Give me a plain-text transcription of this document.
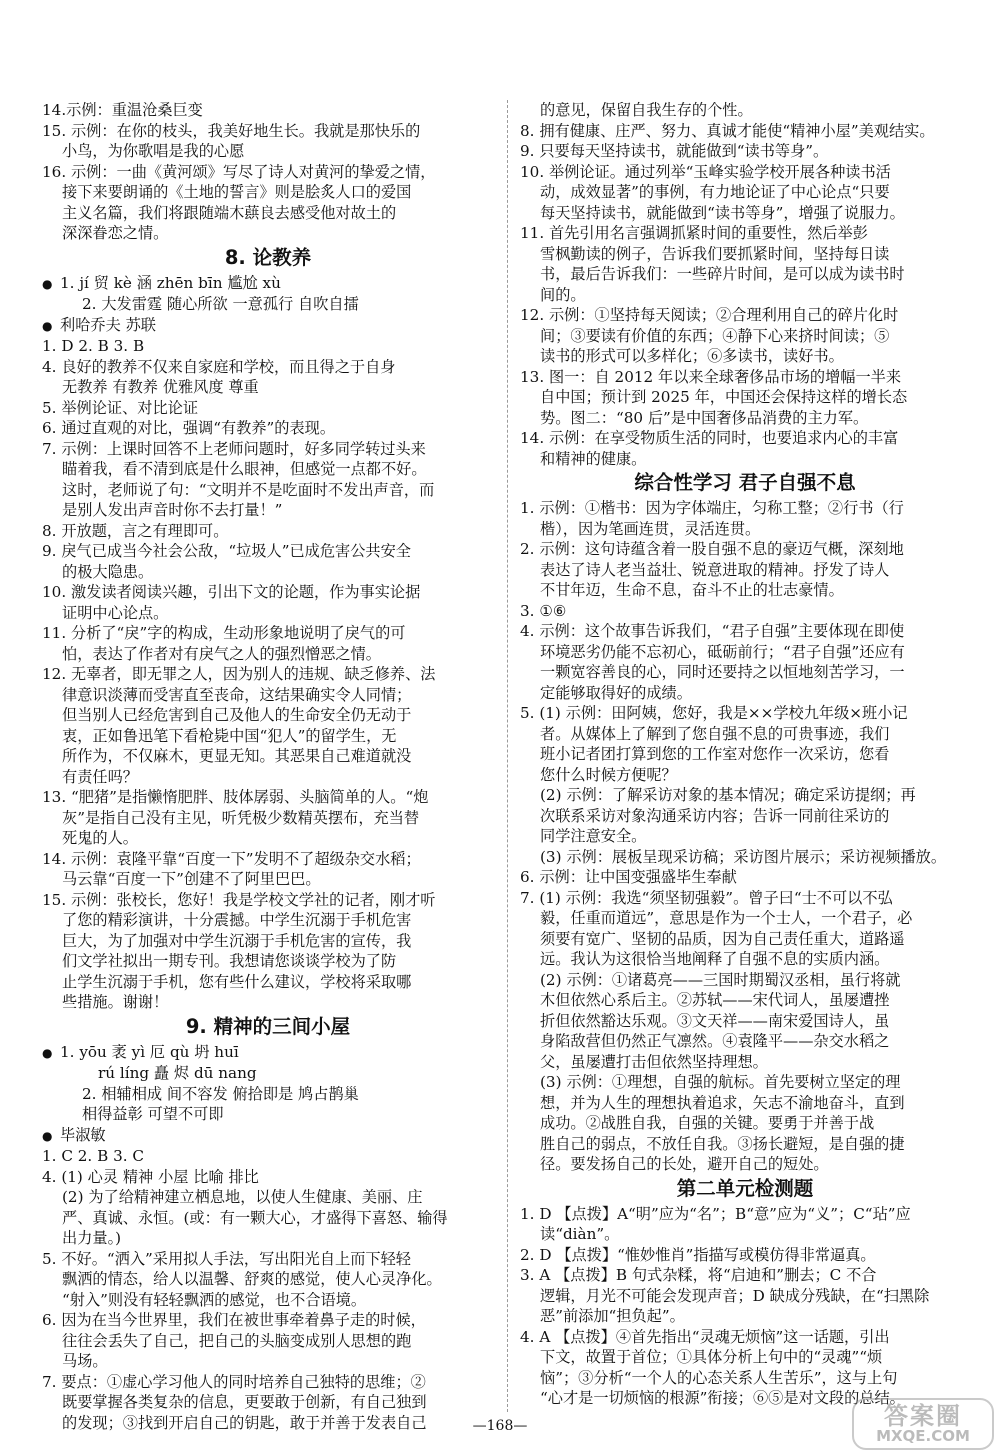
14.示例：重温沧桑巨变
15. 示例：在你的枝头，我美好地生长。我就是那快乐的
小鸟，为你歌唱是我的心愿
16. 示例：一曲《黄河颂》写尽了诗人对黄河的挚爱之情，
接下来要朗诵的《土地的誓言》则是脍炙人口的爱国
主义名篇，我们将跟随端木蕻良去感受他对故土的
深深眷恋之情。
8. 论教养
● 1. jí 贸 kè 涵 zhēn bīn 尴尬 xù
2. 大发雷霆 随心所欲 一意孤行 自吹自擂
● 利哈乔夫 苏联
1. D 2. B 3. B
4. 良好的教养不仅来自家庭和学校，而且得之于自身
无教养 有教养 优雅风度 尊重
5. 举例论证、对比论证
6. 通过直观的对比，强调“有教养”的表现。
7. 示例：上课时回答不上老师问题时，好多同学转过头来
瞄着我，看不清到底是什么眼神，但感觉一点都不好。
这时，老师说了句：“文明并不是吃面时不发出声音，而
是别人发出声音时你不去打量！”
8. 开放题，言之有理即可。
9. 戾气已成当今社会公敌，“垃圾人”已成危害公共安全
的极大隐患。
10. 激发读者阅读兴趣，引出下文的论题，作为事实论据
证明中心论点。
11. 分析了“戾”字的构成，生动形象地说明了戾气的可
怕，表达了作者对有戾气之人的强烈憎恶之情。
12. 无辜者，即无罪之人，因为别人的违规、缺乏修养、法
律意识淡薄而受害直至丧命，这结果确实令人同情；
但当别人已经危害到自己及他人的生命安全仍无动于
衷，正如鲁迅笔下看枪毙中国“犯人”的留学生，无
所作为，不仅麻木，更显无知。其恶果自己难道就没
有责任吗？
13. “肥猪”是指懒惰肥胖、肢体孱弱、头脑简单的人。“炮
灰”是指自己没有主见，听凭极少数精英摆布，充当替
死鬼的人。
14. 示例：袁隆平靠“百度一下”发明不了超级杂交水稻；
马云靠“百度一下”创建不了阿里巴巴。
15. 示例：张校长，您好！我是学校文学社的记者，刚才听
了您的精彩演讲，十分震撼。中学生沉溺于手机危害
巨大，为了加强对中学生沉溺于手机危害的宣传，我
们文学社拟出一期专刊。我想请您谈谈学校为了防
止学生沉溺于手机，您有些什么建议，学校将采取哪
些措施。谢谢！
9. 精神的三间小屋
● 1. yōu 袤 yì 厄 qù 坍 huī
rú líng 矗 烬 dū nang
2. 相辅相成 间不容发 俯拾即是 鸠占鹊巢
相得益彰 可望不可即
● 毕淑敏
1. C 2. B 3. C
4. (1) 心灵 精神 小屋 比喻 排比
(2) 为了给精神建立栖息地，以使人生健康、美丽、庄
严、真诚、永恒。(或：有一颗大心，才盛得下喜怒、输得
出力量。)
5. 不好。“洒入”采用拟人手法，写出阳光自上而下轻轻
飘洒的情态，给人以温馨、舒爽的感觉，使人心灵净化。
“射入”则没有轻轻飘洒的感觉，也不合语境。
6. 因为在当今世界里，我们在被世事牵着鼻子走的时候，
往往会丢失了自己，把自己的头脑变成别人思想的跑
马场。
7. 要点：①虚心学习他人的同时培养自己独特的思维；②
既要掌握各类复杂的信息，更要敢于创新，有自己独到
的发现；③找到开启自己的钥匙，敢于并善于发表自己
的意见，保留自我生存的个性。
8. 拥有健康、庄严、努力、真诚才能使“精神小屋”美观结实。
9. 只要每天坚持读书，就能做到“读书等身”。
10. 举例论证。通过列举“玉峰实验学校开展各种读书活
动，成效显著”的事例，有力地论证了中心论点“只要
每天坚持读书，就能做到“读书等身”，增强了说服力。
11. 首先引用名言强调抓紧时间的重要性，然后举彭
雪枫勤读的例子，告诉我们要抓紧时间，坚持每日读
书，最后告诉我们：一些碎片时间，是可以成为读书时
间的。
12. 示例：①坚持每天阅读；②合理利用自己的碎片化时
间；③要读有价值的东西；④静下心来挤时间读；⑤
读书的形式可以多样化；⑥多读书，读好书。
13. 图一：自 2012 年以来全球奢侈品市场的增幅一半来
自中国；预计到 2025 年，中国还会保持这样的增长态
势。图二：“80 后”是中国奢侈品消费的主力军。
14. 示例：在享受物质生活的同时，也要追求内心的丰富
和精神的健康。
综合性学习 君子自强不息
1. 示例：①楷书：因为字体端庄，匀称工整；②行书（行
楷），因为笔画连贯，灵活连贯。
2. 示例：这句诗蕴含着一股自强不息的豪迈气概，深刻地
表达了诗人老当益壮、锐意进取的精神。抒发了诗人
不甘年迈，生命不息，奋斗不止的壮志豪情。
3. ①⑥
4. 示例：这个故事告诉我们，“君子自强”主要体现在即使
环境恶劣仍能不忘初心，砥砺前行；“君子自强”还应有
一颗宽容善良的心，同时还要持之以恒地刻苦学习，一
定能够取得好的成绩。
5. (1) 示例：田阿姨，您好，我是××学校九年级×班小记
者。从媒体上了解到了您自强不息的可贵事迹，我们
班小记者团打算到您的工作室对您作一次采访，您看
您什么时候方便呢？
(2) 示例：了解采访对象的基本情况；确定采访提纲；再
次联系采访对象沟通采访内容；告诉一同前往采访的
同学注意安全。
(3) 示例：展板呈现采访稿；采访图片展示；采访视频播放。
6. 示例：让中国变强盛毕生奉献
7. (1) 示例：我选“须坚韧强毅”。曾子曰“士不可以不弘
毅，任重而道远”，意思是作为一个士人，一个君子，必
须要有宽广、坚韧的品质，因为自己责任重大，道路遥
远。我认为这很恰当地阐释了自强不息的实质内涵。
(2) 示例：①诸葛亮——三国时期蜀汉丞相，虽行将就
木但依然心系后主。②苏轼——宋代词人，虽屡遭挫
折但依然豁达乐观。③文天祥——南宋爱国诗人，虽
身陷敌营但仍然正气凛然。④袁隆平——杂交水稻之
父，虽屡遭打击但依然坚持理想。
(3) 示例：①理想，自强的航标。首先要树立坚定的理
想，并为人生的理想执着追求，矢志不渝地奋斗，直到
成功。②战胜自我，自强的关键。要勇于并善于战
胜自己的弱点，不放任自我。③扬长避短，是自强的捷
径。要发扬自己的长处，避开自己的短处。
第二单元检测题
1. D 【点拨】A“明”应为“名”；B“意”应为“义”；C“玷”应
读“diàn”。
2. D 【点拨】“惟妙惟肖”指描写或模仿得非常逼真。
3. A 【点拨】B 句式杂糅，将“启迪和”删去；C 不合
逻辑，月光不可能会发现声音；D 缺成分残缺，在“扫黑除
恶”前添加“担负起”。
4. A 【点拨】④首先指出“灵魂无烦恼”这一话题，引出
下文，故置于首位；①具体分析上句中的“灵魂”“烦
恼”；③分析“一个人的心态关系人生苦乐”，这与上句
“心才是一切烦恼的根源”衔接；⑥⑤是对文段的总结。
—168—	答案圈
MXQE.COM
